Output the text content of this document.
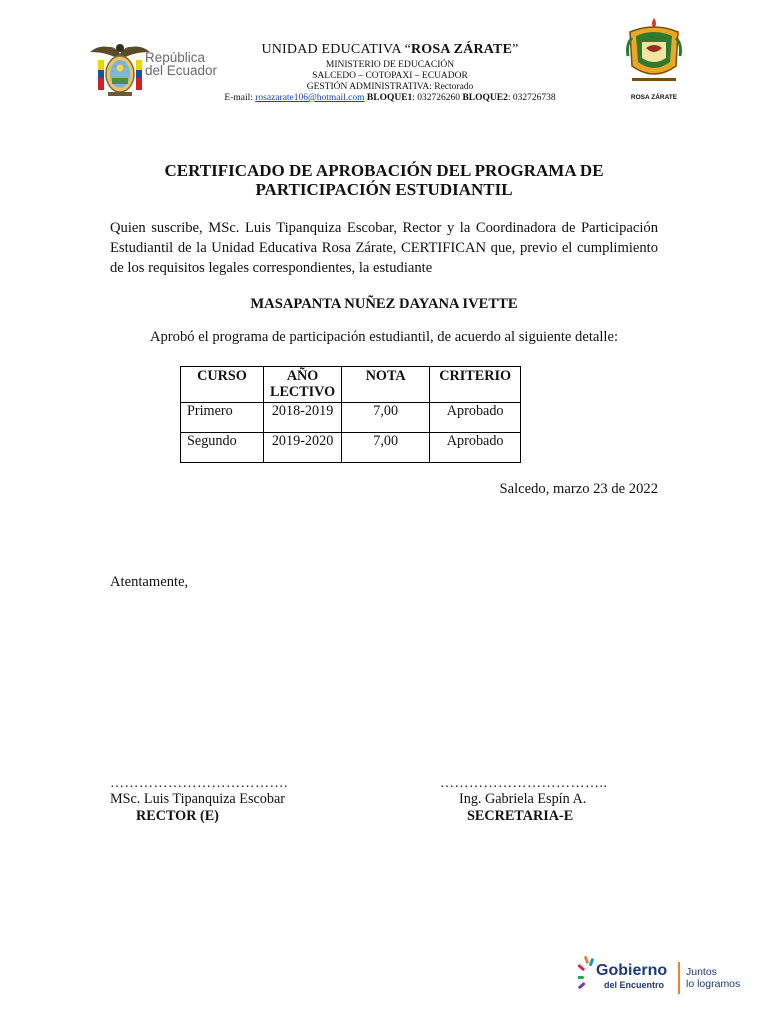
República
del Ecuador
UNIDAD EDUCATIVA “ROSA ZÁRATE”
MINISTERIO DE EDUCACIÓN
SALCEDO – COTOPAXI – ECUADOR
GESTIÓN ADMINISTRATIVA: Rectorado
E-mail: rosazarate106@hotmail.com BLOQUE1: 032726260 BLOQUE2: 032726738	ROSA ZÁRATE
CERTIFICADO DE APROBACIÓN DEL PROGRAMA DE
PARTICIPACIÓN ESTUDIANTIL
Quien suscribe, MSc. Luis Tipanquiza Escobar, Rector y la Coordinadora de Participación Estudiantil de la Unidad Educativa Rosa Zárate, CERTIFICAN que, previo el cumplimiento de los requisitos legales correspondientes, la estudiante
MASAPANTA NUÑEZ DAYANA IVETTE
Aprobó el programa de participación estudiantil, de acuerdo al siguiente detalle:
CURSO	AÑO LECTIVO	NOTA	CRITERIO
Primero	2018-2019	7,00	Aprobado
Segundo	2019-2020	7,00	Aprobado
Salcedo, marzo 23 de 2022
Atentamente,
……………………………….
MSc. Luis Tipanquiza Escobar
RECTOR (E)
……………………………..
Ing. Gabriela Espín A.
SECRETARIA-E
Gobierno
del Encuentro
Juntos
lo logramos
